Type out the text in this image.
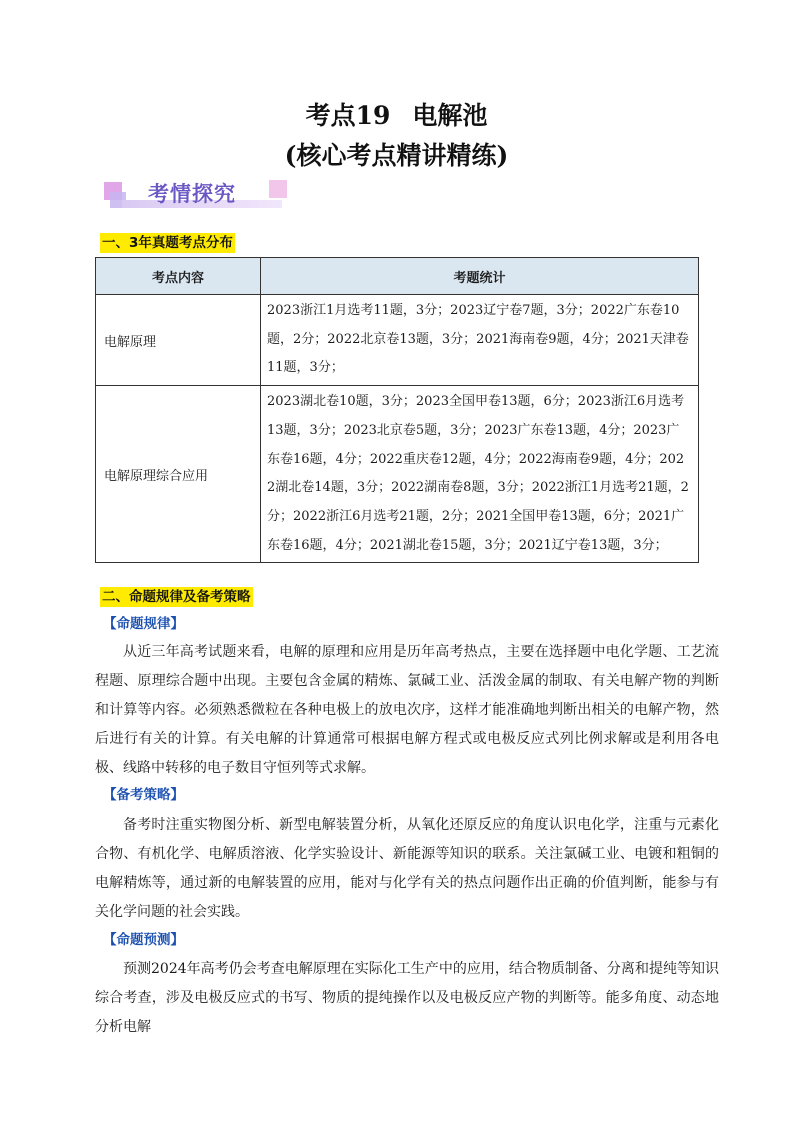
考点19 电解池
(核心考点精讲精练)
考情探究
一、3年真题考点分布
考点内容	考题统计
电解原理	2023浙江1月选考11题，3分；2023辽宁卷7题，3分；2022广东卷10题，2分；2022北京卷13题，3分；2021海南卷9题，4分；2021天津卷11题，3分；
电解原理综合应用	2023湖北卷10题，3分；2023全国甲卷13题，6分；2023浙江6月选考13题，3分；2023北京卷5题，3分；2023广东卷13题，4分；2023广东卷16题，4分；2022重庆卷12题，4分；2022海南卷9题，4分；2022湖北卷14题，3分；2022湖南卷8题，3分；2022浙江1月选考21题，2分；2022浙江6月选考21题，2分；2021全国甲卷13题，6分；2021广东卷16题，4分；2021湖北卷15题，3分；2021辽宁卷13题，3分；
二、命题规律及备考策略
【命题规律】
从近三年高考试题来看，电解的原理和应用是历年高考热点，主要在选择题中电化学题、工艺流程题、原理综合题中出现。主要包含金属的精炼、氯碱工业、活泼金属的制取、有关电解产物的判断和计算等内容。必须熟悉微粒在各种电极上的放电次序，这样才能准确地判断出相关的电解产物，然后进行有关的计算。有关电解的计算通常可根据电解方程式或电极反应式列比例求解或是利用各电极、线路中转移的电子数目守恒列等式求解。
【备考策略】
备考时注重实物图分析、新型电解装置分析，从氧化还原反应的角度认识电化学，注重与元素化合物、有机化学、电解质溶液、化学实验设计、新能源等知识的联系。关注氯碱工业、电镀和粗铜的电解精炼等，通过新的电解装置的应用，能对与化学有关的热点问题作出正确的价值判断，能参与有关化学问题的社会实践。
【命题预测】
预测2024年高考仍会考查电解原理在实际化工生产中的应用，结合物质制备、分离和提纯等知识综合考查，涉及电极反应式的书写、物质的提纯操作以及电极反应产物的判断等。能多角度、动态地分析电解
